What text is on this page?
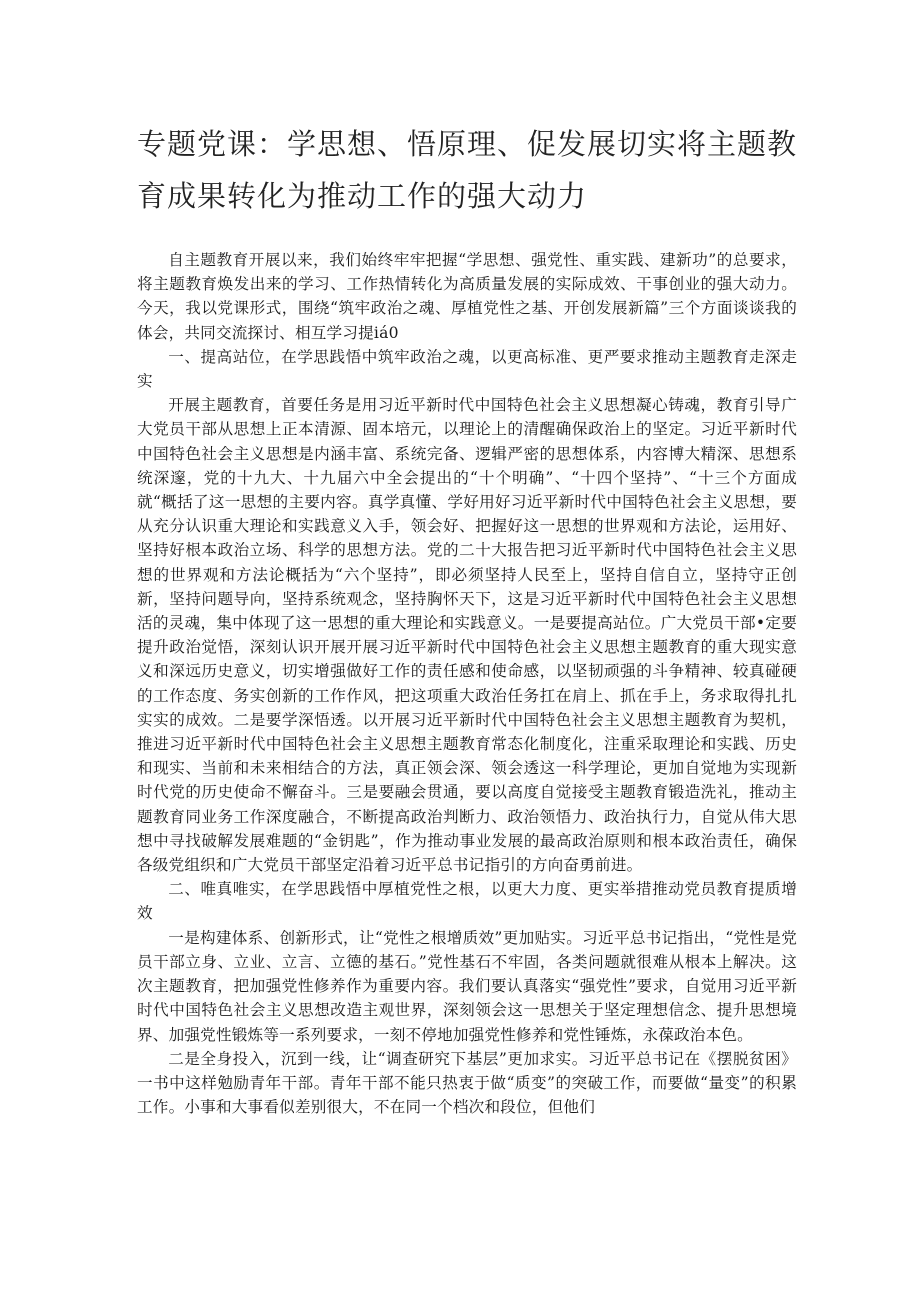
专题党课：学思想、悟原理、促发展切实将主题教育成果转化为推动工作的强大动力

自主题教育开展以来，我们始终牢牢把握“学思想、强党性、重实践、建新功”的总要求，将主题教育焕发出来的学习、工作热情转化为高质量发展的实际成效、干事创业的强大动力。今天，我以党课形式，围绕“筑牢政治之魂、厚植党性之基、开创发展新篇”三个方面谈谈我的体会，共同交流探讨、相互学习提iá0

一、提高站位，在学思践悟中筑牢政治之魂，以更高标准、更严要求推动主题教育走深走实

开展主题教育，首要任务是用习近平新时代中国特色社会主义思想凝心铸魂，教育引导广大党员干部从思想上正本清源、固本培元，以理论上的清醒确保政治上的坚定。习近平新时代中国特色社会主义思想是内涵丰富、系统完备、逻辑严密的思想体系，内容博大精深、思想系统深邃，党的十九大、十九届六中全会提出的“十个明确”、“十四个坚持”、“十三个方面成就“概括了这一思想的主要内容。真学真懂、学好用好习近平新时代中国特色社会主义思想，要从充分认识重大理论和实践意义入手，领会好、把握好这一思想的世界观和方法论，运用好、坚持好根本政治立场、科学的思想方法。党的二十大报告把习近平新时代中国特色社会主义思想的世界观和方法论概括为“六个坚持”，即必须坚持人民至上，坚持自信自立，坚持守正创新，坚持问题导向，坚持系统观念，坚持胸怀天下，这是习近平新时代中国特色社会主义思想活的灵魂，集中体现了这一思想的重大理论和实践意义。一是要提高站位。广大党员干部•定要提升政治觉悟，深刻认识开展开展习近平新时代中国特色社会主义思想主题教育的重大现实意义和深远历史意义，切实增强做好工作的责任感和使命感，以坚韧顽强的斗争精神、较真碰硬的工作态度、务实创新的工作作风，把这项重大政治任务扛在肩上、抓在手上，务求取得扎扎实实的成效。二是要学深悟透。以开展习近平新时代中国特色社会主义思想主题教育为契机，推进习近平新时代中国特色社会主义思想主题教育常态化制度化，注重采取理论和实践、历史和现实、当前和未来相结合的方法，真正领会深、领会透这一科学理论，更加自觉地为实现新时代党的历史使命不懈奋斗。三是要融会贯通，要以高度自觉接受主题教育锻造洗礼，推动主题教育同业务工作深度融合，不断提高政治判断力、政治领悟力、政治执行力，自觉从伟大思想中寻找破解发展难题的“金钥匙”，作为推动事业发展的最高政治原则和根本政治责任，确保各级党组织和广大党员干部坚定沿着习近平总书记指引的方向奋勇前进。

二、唯真唯实，在学思践悟中厚植党性之根，以更大力度、更实举措推动党员教育提质增效

一是构建体系、创新形式，让“党性之根增质效”更加贴实。习近平总书记指出，“党性是党员干部立身、立业、立言、立德的基石。”党性基石不牢固，各类问题就很难从根本上解决。这次主题教育，把加强党性修养作为重要内容。我们要认真落实“强党性”要求，自觉用习近平新时代中国特色社会主义思想改造主观世界，深刻领会这一思想关于坚定理想信念、提升思想境界、加强党性锻炼等一系列要求，一刻不停地加强党性修养和党性锤炼，永葆政治本色。

二是全身投入，沉到一线，让“调查研究下基层”更加求实。习近平总书记在《摆脱贫困》一书中这样勉励青年干部。青年干部不能只热衷于做“质变”的突破工作，而要做“量变”的积累工作。小事和大事看似差别很大，不在同一个档次和段位，但他们
